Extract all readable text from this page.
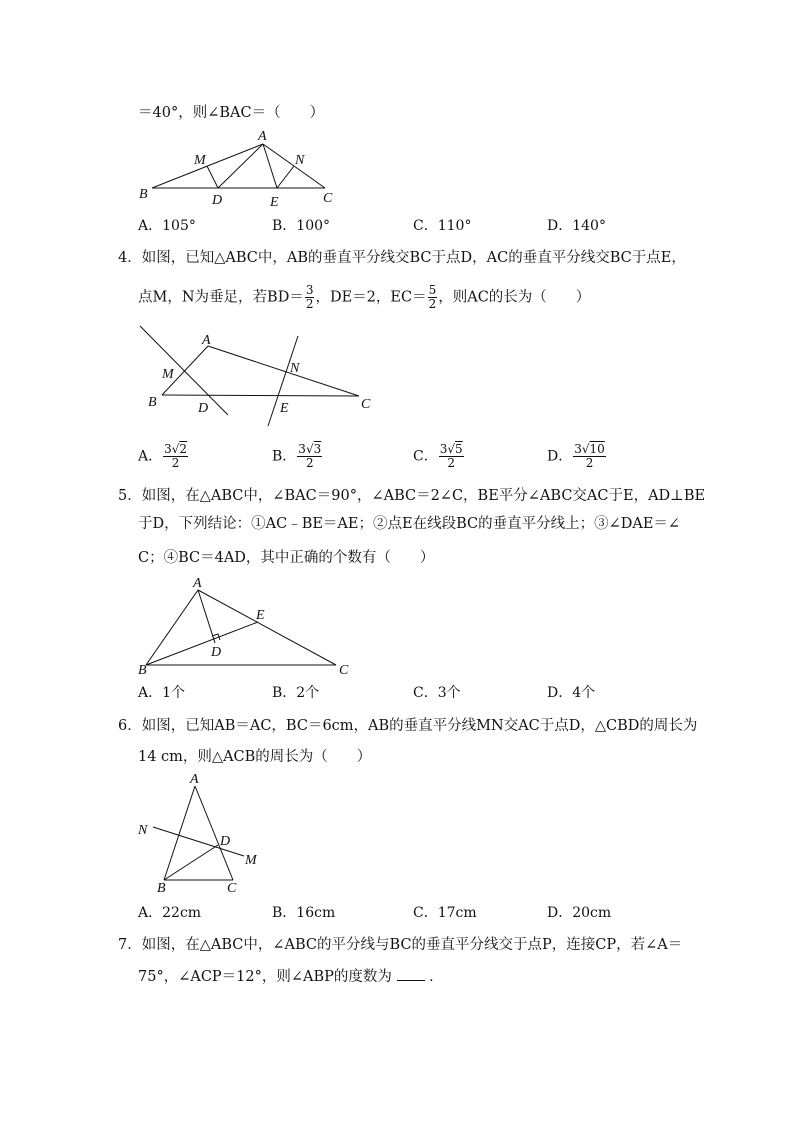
＝40°，则∠BAC＝（　　）
A
M	N
B	D	E	C
A．105°	B．100°	C．110°	D．140°
4．如图，已知△ABC中，AB的垂直平分线交BC于点D，AC的垂直平分线交BC于点E，
点M，N为垂足，若$BD= \frac{3}{2}$ ，DE＝2，$EC= \frac{5}{2}$ ，则AC的长为（　　）
A
M	N
B	D	E	C
A． $\frac{3√2}{2}$	B． $\frac{3√3}{2}$	C． $\frac{3√5}{2}$	D． $\frac{3√10}{2}$
5．如图，在△ABC中，∠BAC＝90°，∠ABC＝2∠C，BE平分∠ABC交AC于E，AD⊥BE
于D，下列结论：①AC﹣BE＝AE；②点E在线段BC的垂直平分线上；③∠DAE＝∠
C；④BC＝4AD，其中正确的个数有（　　）
A
E
D
B	C
A．1个	B．2个	C．3个	D．4个
6．如图，已知AB＝AC，BC＝6cm，AB的垂直平分线MN交AC于点D，△CBD的周长为
14 cm，则△ACB的周长为（　　）
A
N
D
M
B	C
A．22cm	B．16cm	C．17cm	D．20cm
7．如图，在△ABC中，∠ABC的平分线与BC的垂直平分线交于点P，连接CP，若∠A＝
75°，∠ACP＝12°，则∠ABP的度数为	．
